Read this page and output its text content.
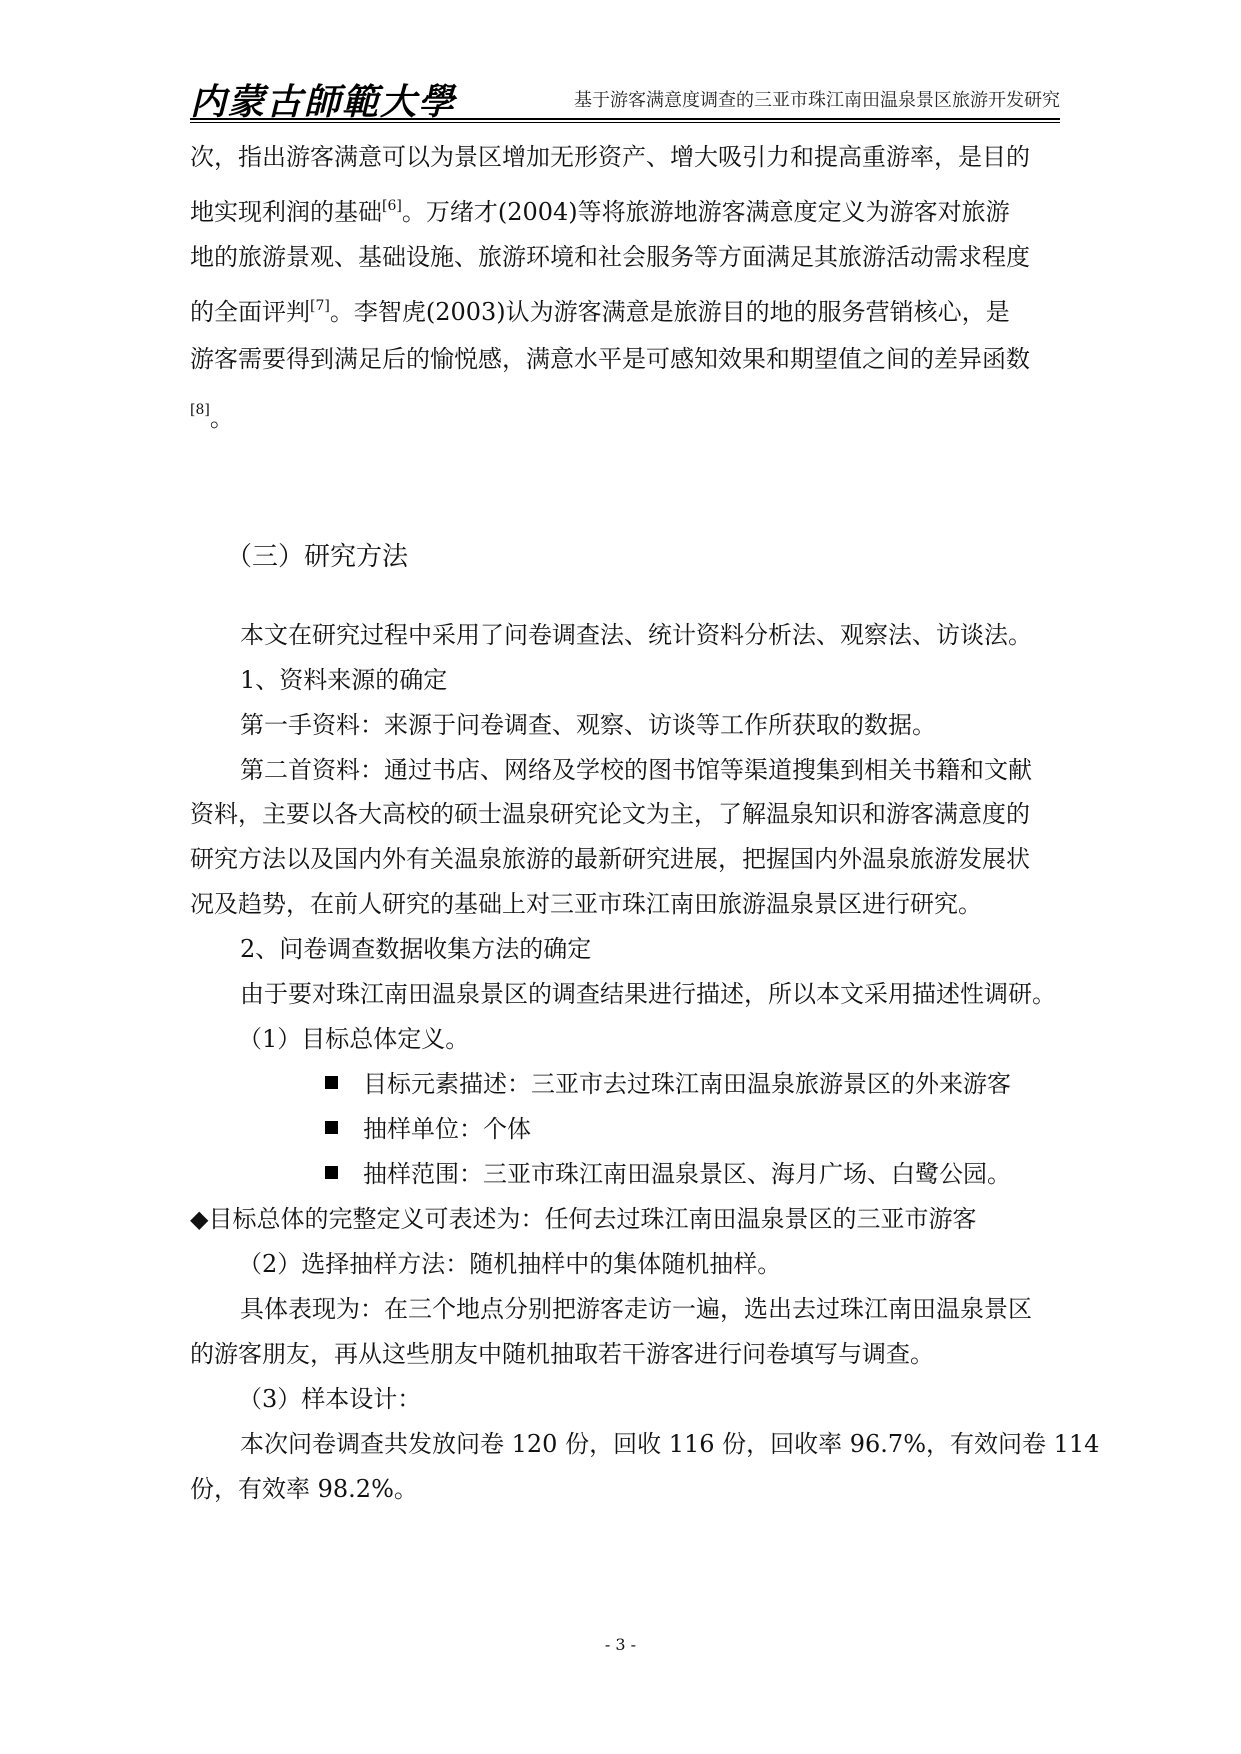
内蒙古師範大學	基于游客满意度调查的三亚市珠江南田温泉景区旅游开发研究
次，指出游客满意可以为景区增加无形资产、增大吸引力和提高重游率，是目的
地实现利润的基础[6]。万绪才(2004)等将旅游地游客满意度定义为游客对旅游
地的旅游景观、基础设施、旅游环境和社会服务等方面满足其旅游活动需求程度
的全面评判[7]。李智虎(2003)认为游客满意是旅游目的地的服务营销核心，是
游客需要得到满足后的愉悦感，满意水平是可感知效果和期望值之间的差异函数
[8]。
（三）研究方法
本文在研究过程中采用了问卷调查法、统计资料分析法、观察法、访谈法。
1、资料来源的确定
第一手资料：来源于问卷调查、观察、访谈等工作所获取的数据。
第二首资料：通过书店、网络及学校的图书馆等渠道搜集到相关书籍和文献
资料，主要以各大高校的硕士温泉研究论文为主，了解温泉知识和游客满意度的
研究方法以及国内外有关温泉旅游的最新研究进展，把握国内外温泉旅游发展状
况及趋势，在前人研究的基础上对三亚市珠江南田旅游温泉景区进行研究。
2、问卷调查数据收集方法的确定
由于要对珠江南田温泉景区的调查结果进行描述，所以本文采用描述性调研。
（1）目标总体定义。
目标元素描述：三亚市去过珠江南田温泉旅游景区的外来游客
抽样单位：个体
抽样范围：三亚市珠江南田温泉景区、海月广场、白鹭公园。
◆目标总体的完整定义可表述为：任何去过珠江南田温泉景区的三亚市游客
（2）选择抽样方法：随机抽样中的集体随机抽样。
具体表现为：在三个地点分别把游客走访一遍，选出去过珠江南田温泉景区
的游客朋友，再从这些朋友中随机抽取若干游客进行问卷填写与调查。
（3）样本设计：
本次问卷调查共发放问卷 120 份，回收 116 份，回收率 96.7%，有效问卷 114
份，有效率 98.2%。
- 3 -
